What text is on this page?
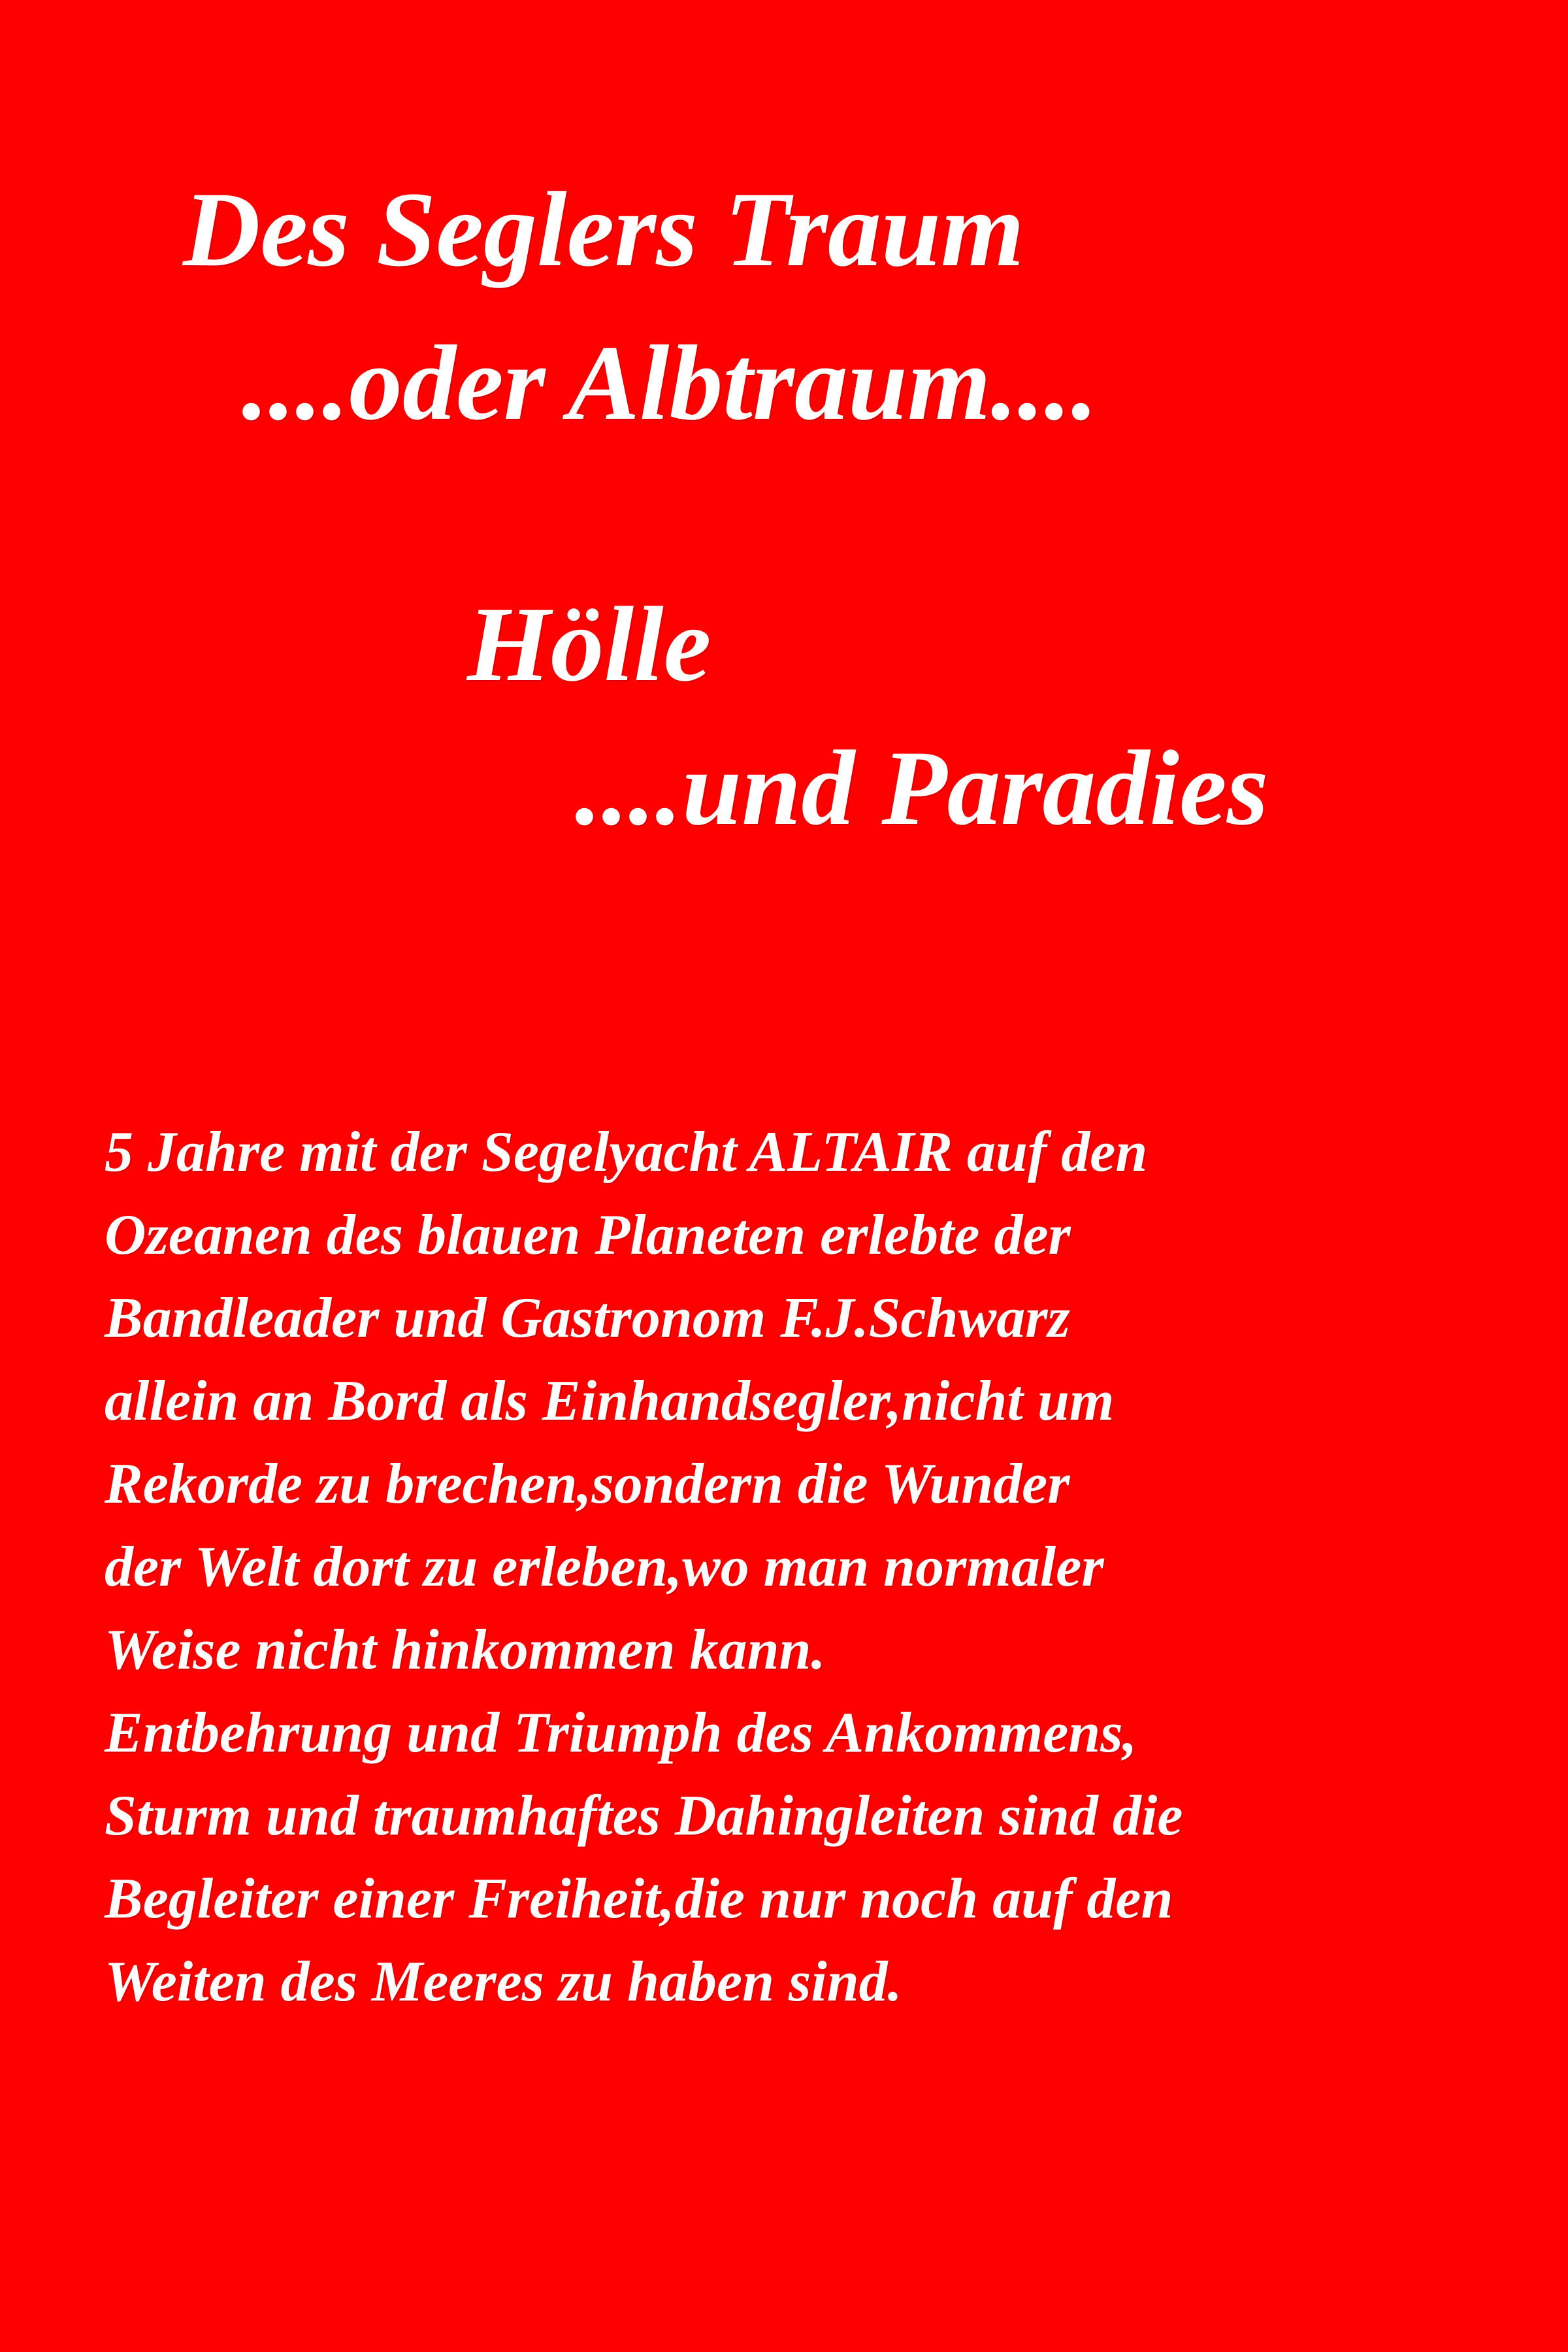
Des Seglers Traum

....oder Albtraum....

Hölle

....und Paradies

5 Jahre mit der Segelyacht ALTAIR auf den
Ozeanen des blauen Planeten erlebte der
Bandleader und Gastronom F.J.Schwarz
allein an Bord als Einhandsegler,nicht um
Rekorde zu brechen,sondern die Wunder
der Welt dort zu erleben,wo man normaler
Weise nicht hinkommen kann.
Entbehrung und Triumph des Ankommens,
Sturm und traumhaftes Dahingleiten sind die
Begleiter einer Freiheit,die nur noch auf den
Weiten des Meeres zu haben sind.
